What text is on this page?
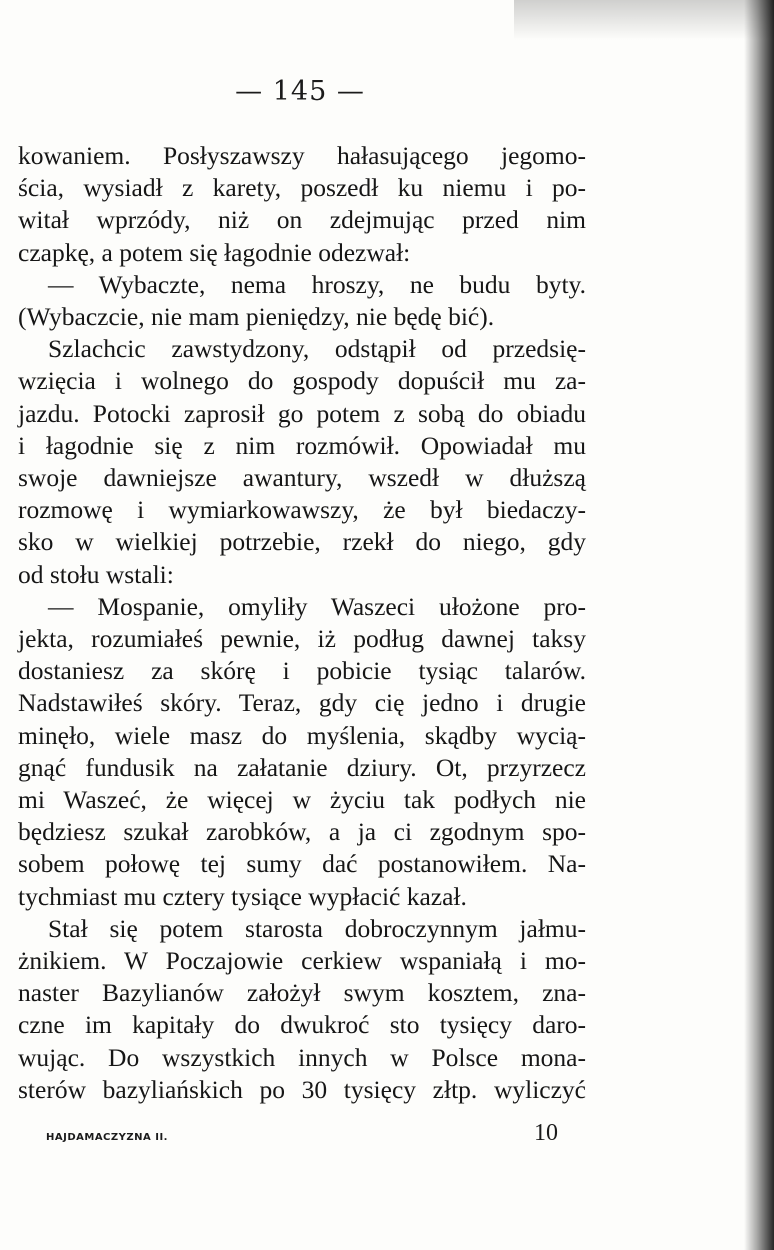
— 145 —
kowaniem. Posłyszawszy hałasującego jegomo-
ścia, wysiadł z karety, poszedł ku niemu i po-
witał wprzódy, niż on zdejmując przed nim
czapkę, a potem się łagodnie odezwał:
— Wybaczte, nema hroszy, ne budu byty.
(Wybaczcie, nie mam pieniędzy, nie będę bić).
Szlachcic zawstydzony, odstąpił od przedsię-
wzięcia i wolnego do gospody dopuścił mu za-
jazdu. Potocki zaprosił go potem z sobą do obiadu
i łagodnie się z nim rozmówił. Opowiadał mu
swoje dawniejsze awantury, wszedł w dłuższą
rozmowę i wymiarkowawszy, że był biedaczy-
sko w wielkiej potrzebie, rzekł do niego, gdy
od stołu wstali:
— Mospanie, omyliły Waszeci ułożone pro-
jekta, rozumiałeś pewnie, iż podług dawnej taksy
dostaniesz za skórę i pobicie tysiąc talarów.
Nadstawiłeś skóry. Teraz, gdy cię jedno i drugie
minęło, wiele masz do myślenia, skądby wycią-
gnąć fundusik na załatanie dziury. Ot, przyrzecz
mi Waszeć, że więcej w życiu tak podłych nie
będziesz szukał zarobków, a ja ci zgodnym spo-
sobem połowę tej sumy dać postanowiłem. Na-
tychmiast mu cztery tysiące wypłacić kazał.
Stał się potem starosta dobroczynnym jałmu-
żnikiem. W Poczajowie cerkiew wspaniałą i mo-
naster Bazylianów założył swym kosztem, zna-
czne im kapitały do dwukroć sto tysięcy daro-
wując. Do wszystkich innych w Polsce mona-
sterów bazyliańskich po 30 tysięcy złtp. wyliczyć
HAJDAMACZYZNA II.	10
